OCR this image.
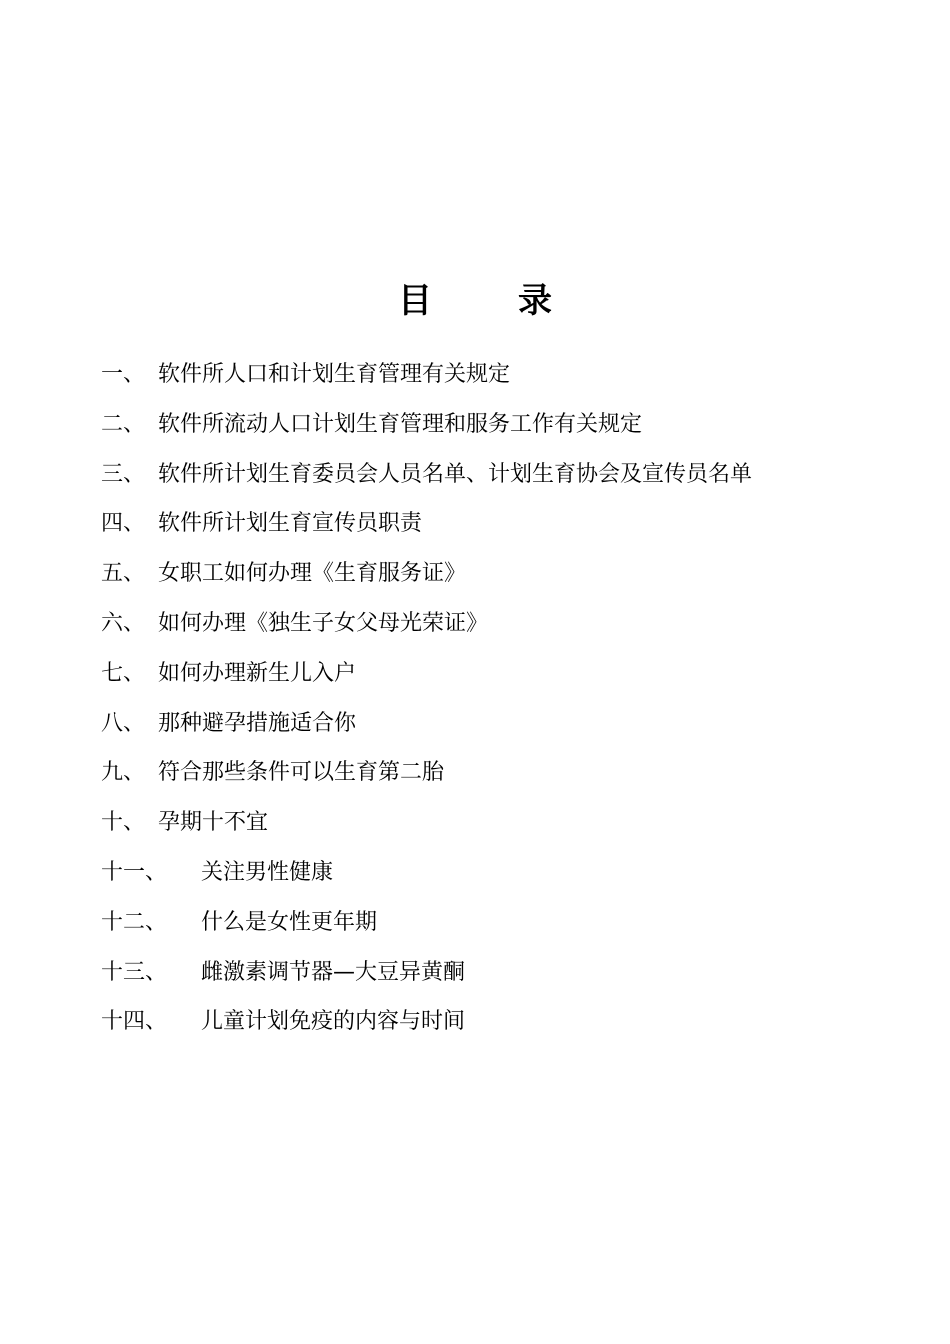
目	录
一、 软件所人口和计划生育管理有关规定
二、 软件所流动人口计划生育管理和服务工作有关规定
三、 软件所计划生育委员会人员名单、计划生育协会及宣传员名单
四、 软件所计划生育宣传员职责
五、 女职工如何办理《生育服务证》
六、 如何办理《独生子女父母光荣证》
七、 如何办理新生儿入户
八、 那种避孕措施适合你
九、 符合那些条件可以生育第二胎
十、 孕期十不宜
十一、 关注男性健康
十二、 什么是女性更年期
十三、 雌激素调节器—大豆异黄酮
十四、 儿童计划免疫的内容与时间
